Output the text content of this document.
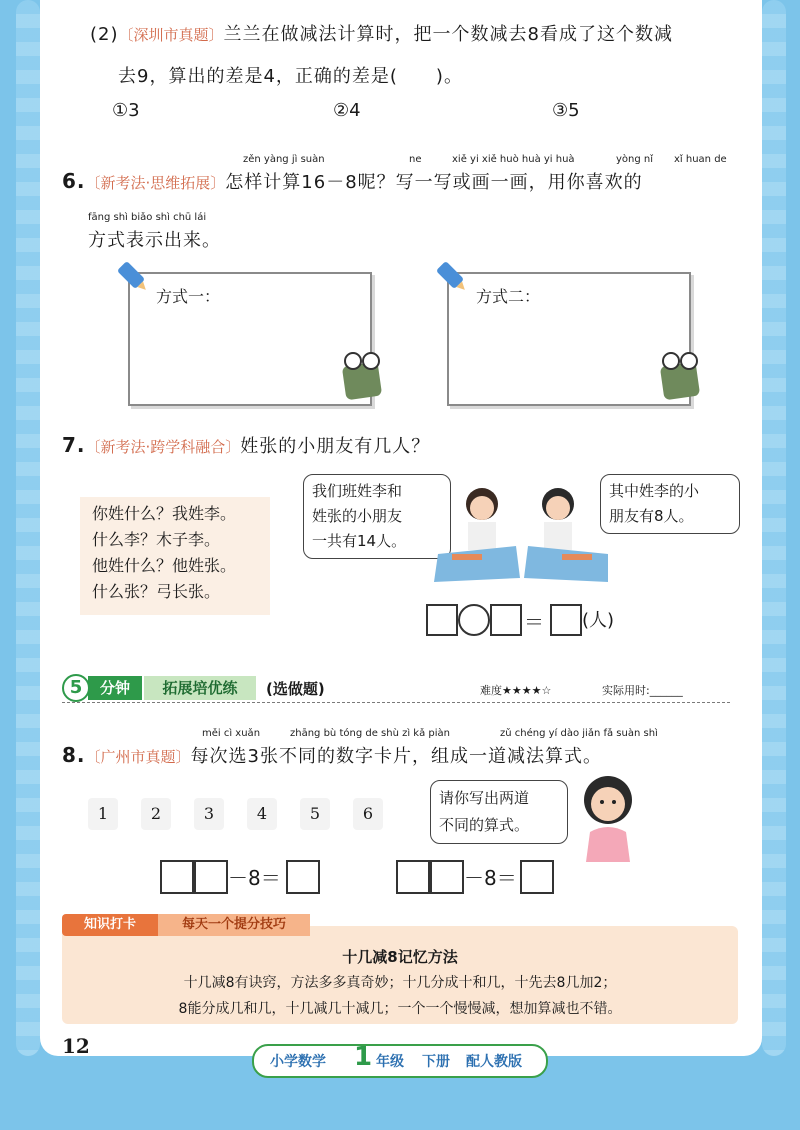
(2)〔深圳市真题〕兰兰在做减法计算时，把一个数减去8看成了这个数减
去9，算出的差是4，正确的差是(　　)。
①3	②4	③5
zěn yàng jì suàn	ne	xiě yi xiě huò huà yi huà	yòng nǐ xǐ huan de
6.〔新考法·思维拓展〕怎样计算16－8呢？写一写或画一画，用你喜欢的
fāng shì biǎo shì chū lái
方式表示出来。
方式一：	方式二：
7.〔新考法·跨学科融合〕姓张的小朋友有几人？
你姓什么？我姓李。
什么李？木子李。
他姓什么？他姓张。
什么张？弓长张。
我们班姓李和
姓张的小朋友
一共有14人。
其中姓李的小
朋友有8人。
＝ (人)
5	分钟	拓展培优练	(选做题)	难度★★★★☆	实际用时:______
měi cì xuǎn	zhāng bù tóng de shù zì kǎ piàn	zǔ chéng yí dào jiǎn fǎ suàn shì
8.〔广州市真题〕每次选3张不同的数字卡片，组成一道减法算式。
1	2	3	4	5	6
请你写出两道
不同的算式。
－8＝	－8＝
知识打卡	每天一个提分技巧
十几减8记忆方法
十几减8有诀窍，方法多多真奇妙；十几分成十和几，十先去8几加2；
8能分成几和几，十几减几十减几；一个一个慢慢减，想加算减也不错。
12
小学数学 1 年级 下册 配人教版
